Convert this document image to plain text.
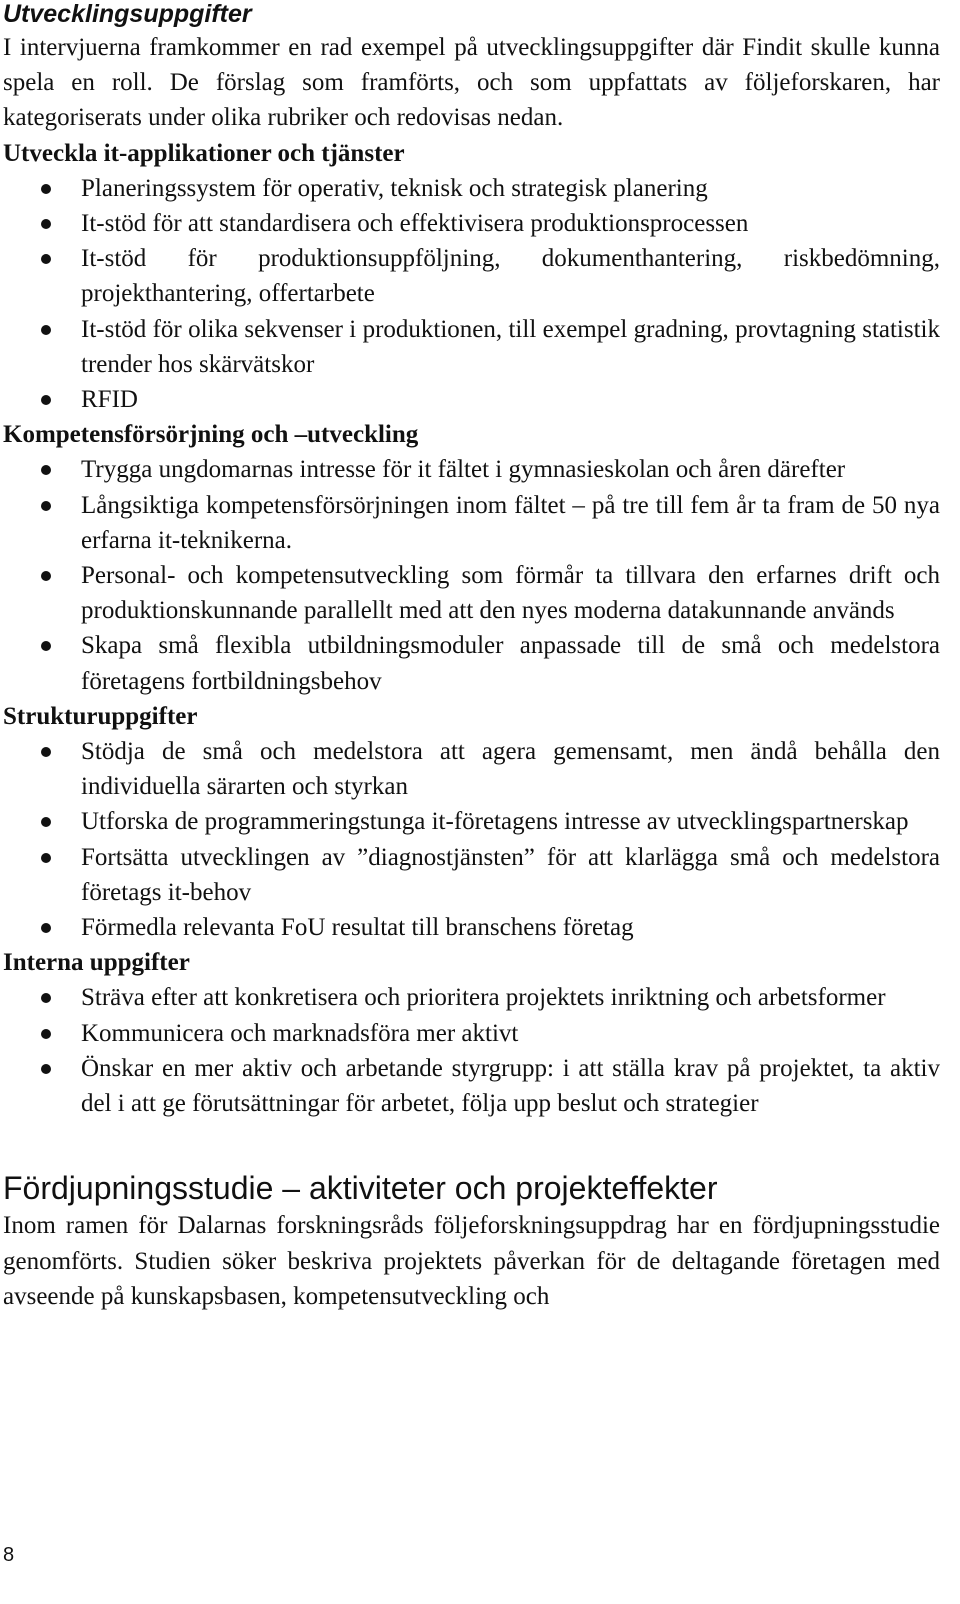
Utvecklingsuppgifter

I intervjuerna framkommer en rad exempel på utvecklingsuppgifter där Findit skulle kunna spela en roll. De förslag som framförts, och som uppfattats av följeforskaren, har kategoriserats under olika rubriker och redovisas nedan.

Utveckla it-applikationer och tjänster

Planeringssystem för operativ, teknisk och strategisk planering
It-stöd för att standardisera och effektivisera produktionsprocessen
It-stöd för produktionsuppföljning, dokumenthantering, riskbedömning, projekthantering, offertarbete
It-stöd för olika sekvenser i produktionen, till exempel gradning, provtagning statistik trender hos skärvätskor
RFID

Kompetensförsörjning och –utveckling

Trygga ungdomarnas intresse för it fältet i gymnasieskolan och åren därefter
Långsiktiga kompetensförsörjningen inom fältet – på tre till fem år ta fram de 50 nya erfarna it-teknikerna.
Personal- och kompetensutveckling som förmår ta tillvara den erfarnes drift och produktionskunnande parallellt med att den nyes moderna datakunnande används
Skapa små flexibla utbildningsmoduler anpassade till de små och medelstora företagens fortbildningsbehov

Strukturuppgifter

Stödja de små och medelstora att agera gemensamt, men ändå behålla den individuella särarten och styrkan
Utforska de programmeringstunga it-företagens intresse av utvecklingspartnerskap
Fortsätta utvecklingen av ”diagnostjänsten” för att klarlägga små och medelstora företags it-behov
Förmedla relevanta FoU resultat till branschens företag

Interna uppgifter

Sträva efter att konkretisera och prioritera projektets inriktning och arbetsformer
Kommunicera och marknadsföra mer aktivt
Önskar en mer aktiv och arbetande styrgrupp: i att ställa krav på projektet, ta aktiv del i att ge förutsättningar för arbetet, följa upp beslut och strategier
Fördjupningsstudie – aktiviteter och projekteffekter

Inom ramen för Dalarnas forskningsråds följeforskningsuppdrag har en fördjupningsstudie genomförts. Studien söker beskriva projektets påverkan för de deltagande företagen med avseende på kunskapsbasen, kompetensutveckling och

8
